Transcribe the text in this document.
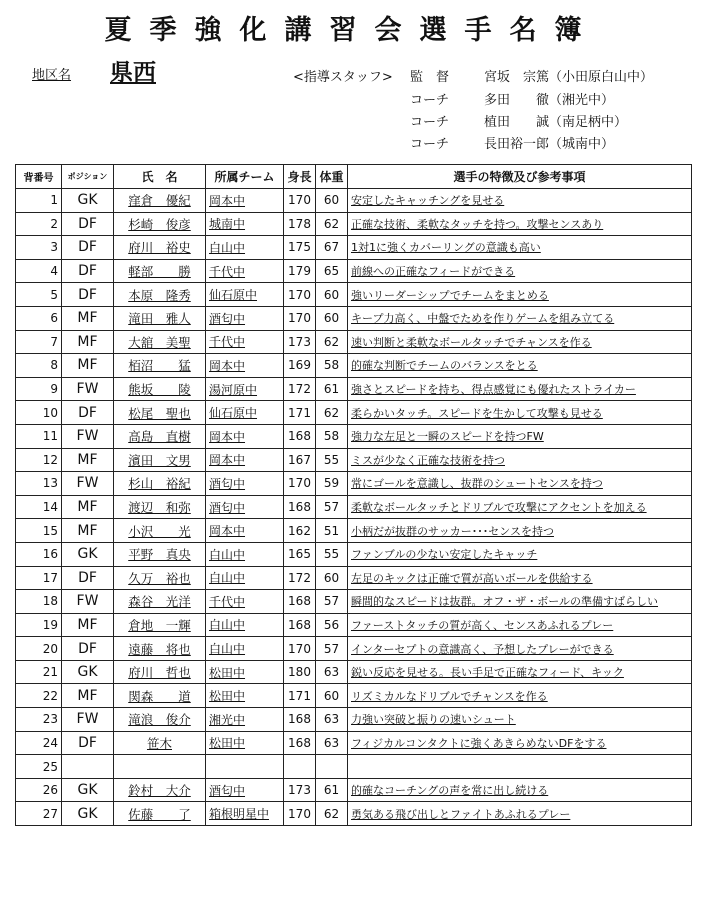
夏季強化講習会選手名簿
地区名 県西	<指導スタッフ> 監　督	宮坂　宗篤（小田原白山中）
コーチ	多田　　徹（湘光中）
コーチ	植田　　誠（南足柄中）
コーチ	長田裕一郎（城南中）
背番号	ポジション	氏　名	所属チーム	身長	体重	選手の特徴及び参考事項
1	GK	窪倉　優紀	岡本中	170	60	安定したキャッチングを見せる
2	DF	杉崎　俊彦	城南中	178	62	正確な技術、柔軟なタッチを持つ。攻撃センスあり
3	DF	府川　裕史	白山中	175	67	1対1に強くカバーリングの意識も高い
4	DF	軽部　　勝	千代中	179	65	前線への正確なフィードができる
5	DF	本原　隆秀	仙石原中	170	60	強いリーダーシップでチームをまとめる
6	MF	滝田　雅人	酒匂中	170	60	キープ力高く、中盤でためを作りゲームを組み立てる
7	MF	大舘　美聖	千代中	173	62	速い判断と柔軟なボールタッチでチャンスを作る
8	MF	栢沼　　猛	岡本中	169	58	的確な判断でチームのバランスをとる
9	FW	熊坂　　陵	湯河原中	172	61	強さとスピードを持ち、得点感覚にも優れたストライカー
10	DF	松尾　聖也	仙石原中	171	62	柔らかいタッチ。スピードを生かして攻撃も見せる
11	FW	高島　直樹	岡本中	168	58	強力な左足と一瞬のスピードを持つFW
12	MF	濱田　文男	岡本中	167	55	ミスが少なく正確な技術を持つ
13	FW	杉山　裕紀	酒匂中	170	59	常にゴールを意識し、抜群のシュートセンスを持つ
14	MF	渡辺　和弥	酒匂中	168	57	柔軟なボールタッチとドリブルで攻撃にアクセントを加える
15	MF	小沢　　光	岡本中	162	51	小柄だが抜群のサッカー･･･センスを持つ
16	GK	平野　真央	白山中	165	55	ファンブルの少ない安定したキャッチ
17	DF	久万　裕也	白山中	172	60	左足のキックは正確で質が高いボールを供給する
18	FW	森谷　光洋	千代中	168	57	瞬間的なスピードは抜群。オフ・ザ・ボールの準備すばらしい
19	MF	倉地　一輝	白山中	168	56	ファーストタッチの質が高く、センスあふれるプレー
20	DF	遠藤　将也	白山中	170	57	インターセプトの意識高く、予想したプレーができる
21	GK	府川　哲也	松田中	180	63	鋭い反応を見せる。長い手足で正確なフィード、キック
22	MF	関森　　道	松田中	171	60	リズミカルなドリブルでチャンスを作る
23	FW	滝浪　俊介	湘光中	168	63	力強い突破と振りの速いシュート
24	DF	笹木	松田中	168	63	フィジカルコンタクトに強くあきらめないDFをする
25						
26	GK	鈴村　大介	酒匂中	173	61	的確なコーチングの声を常に出し続ける
27	GK	佐藤　　了	箱根明星中	170	62	勇気ある飛び出しとファイトあふれるプレー
